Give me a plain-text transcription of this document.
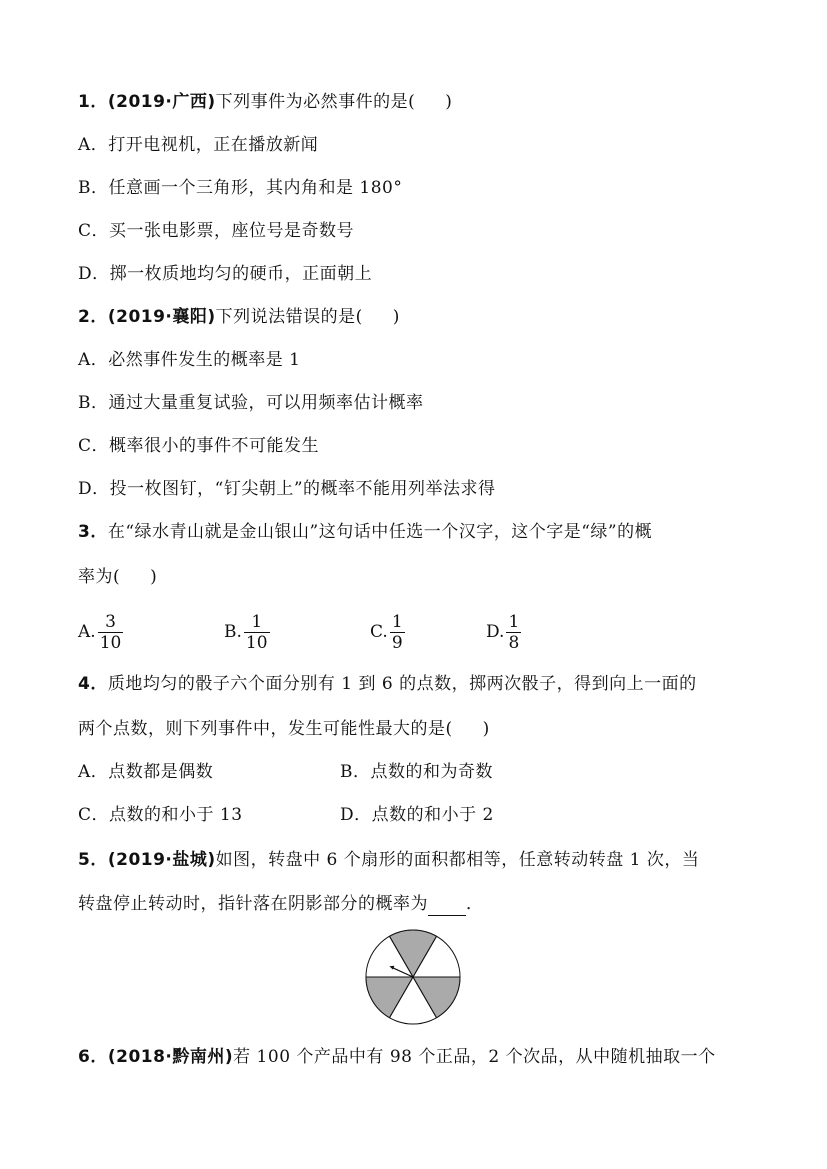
1．(2019·广西)下列事件为必然事件的是( )
A．打开电视机，正在播放新闻
B．任意画一个三角形，其内角和是 180°
C．买一张电影票，座位号是奇数号
D．掷一枚质地均匀的硬币，正面朝上
2．(2019·襄阳)下列说法错误的是( )
A．必然事件发生的概率是 1
B．通过大量重复试验，可以用频率估计概率
C．概率很小的事件不可能发生
D．投一枚图钉，“钉尖朝上”的概率不能用列举法求得
3．在“绿水青山就是金山银山”这句话中任选一个汉字，这个字是“绿”的概
率为( )
A. $\frac{3}{10}$	B. $\frac{1}{10}$	C. $\frac{1}{9}$	D. $\frac{1}{8}$
4．质地均匀的骰子六个面分别有 1 到 6 的点数，掷两次骰子，得到向上一面的
两个点数，则下列事件中，发生可能性最大的是( )
A．点数都是偶数	B．点数的和为奇数
C．点数的和小于 13	D．点数的和小于 2
5．(2019·盐城)如图，转盘中 6 个扇形的面积都相等，任意转动转盘 1 次，当
转盘停止转动时，指针落在阴影部分的概率为 ．
6．(2018·黔南州)若 100 个产品中有 98 个正品，2 个次品，从中随机抽取一个
